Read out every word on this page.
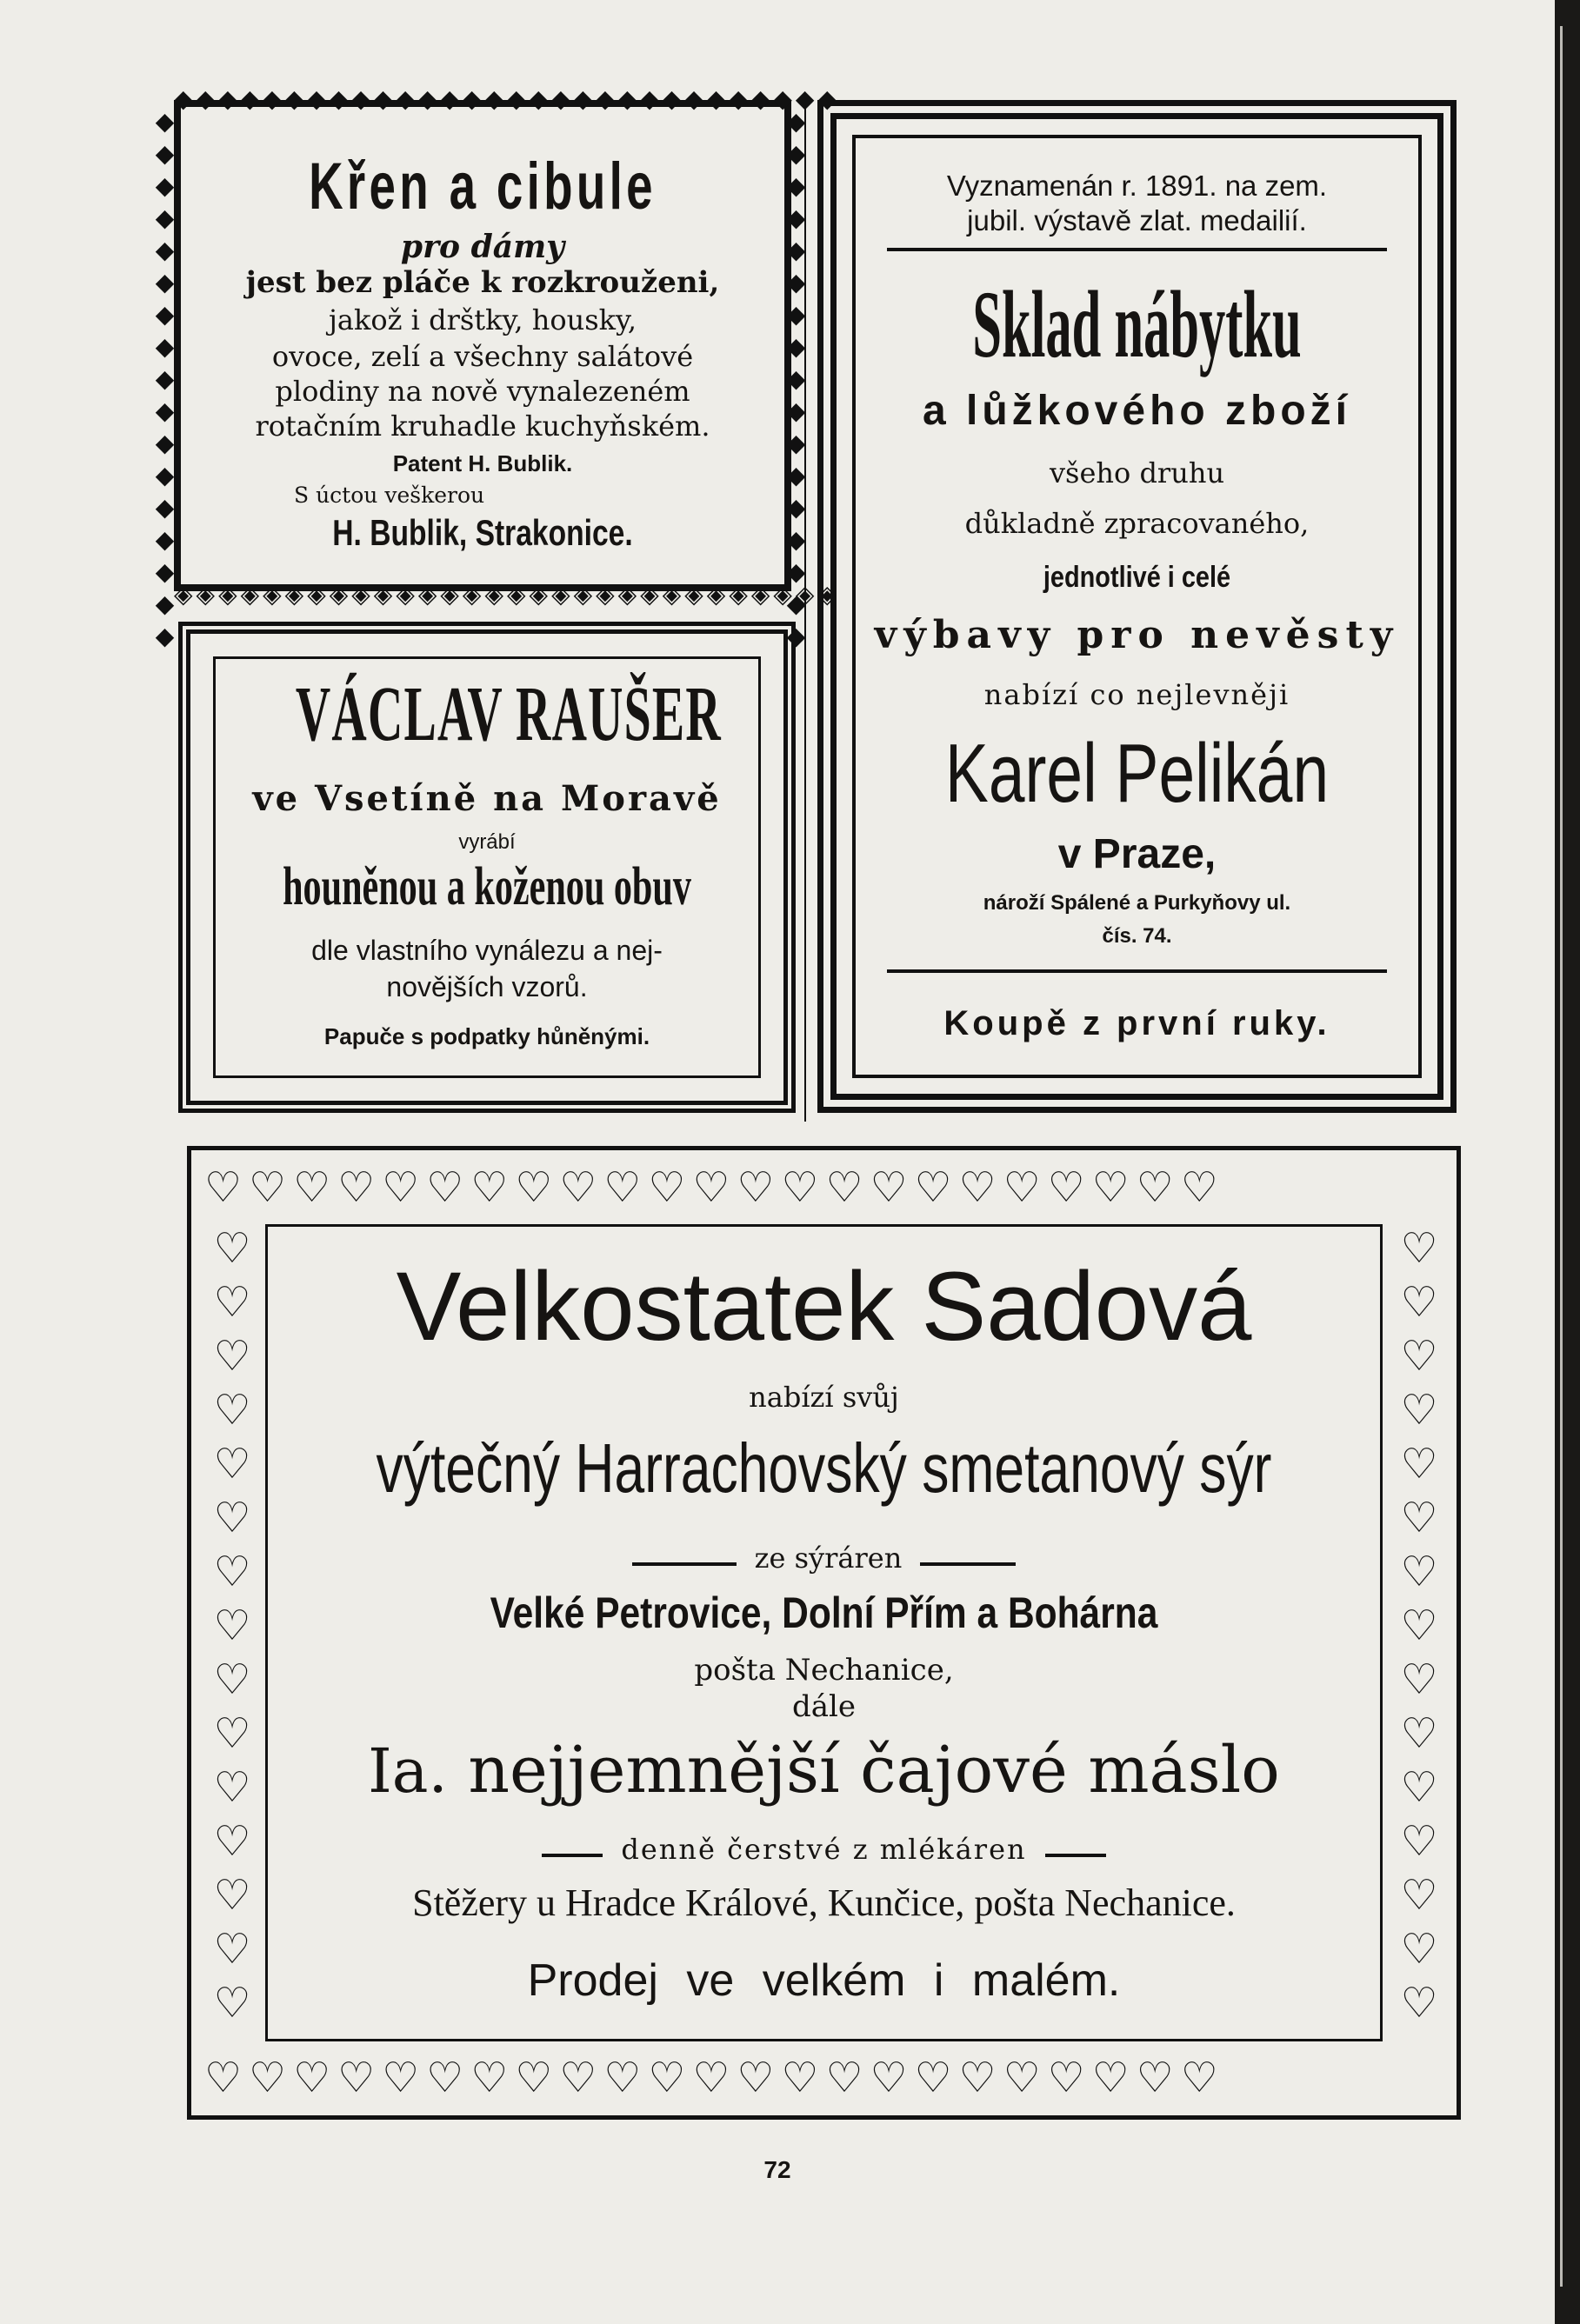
◆◆◆◆◆◆◆◆◆◆◆◆◆◆◆◆◆◆◆◆◆◆◆◆◆◆◆◆◆◆
◈◈◈◈◈◈◈◈◈◈◈◈◈◈◈◈◈◈◈◈◈◈◈◈◈◈◈◈◈◈
◆◆◆◆◆◆◆◆◆◆◆◆◆◆◆◆◆	◆◆◆◆◆◆◆◆◆◆◆◆◆◆◆◆◆
Křen a cibule
pro dámy
jest bez pláče k rozkrouženi,
jakož i drštky, housky,
ovoce, zelí a všechny salátové
plodiny na nově vynalezeném
rotačním kruhadle kuchyňském.
Patent H. Bublik.
S úctou veškerou
H. Bublik, Strakonice.
VÁCLAV RAUŠER
ve Vsetíně na Moravě
vyrábí
houněnou a koženou obuv
dle vlastního vynálezu a nej-
novějších vzorů.
Papuče s podpatky hůněnými.
Vyznamenán r. 1891. na zem.
jubil. výstavě zlat. medailií.
Sklad nábytku
a lůžkového zboží
všeho druhu
důkladně zpracovaného,
jednotlivé i celé
výbavy pro nevěsty
nabízí co nejlevněji
Karel Pelikán
v Praze,
nároží Spálené a Purkyňovy ul.
čís. 74.
Koupě z první ruky.
♡♡♡♡♡♡♡♡♡♡♡♡♡♡♡♡♡♡♡♡♡♡♡
♡♡♡♡♡♡♡♡♡♡♡♡♡♡♡♡♡♡♡♡♡♡♡
♡♡♡♡♡♡♡♡♡♡♡♡♡♡♡	♡♡♡♡♡♡♡♡♡♡♡♡♡♡♡
Velkostatek Sadová
nabízí svůj
výtečný Harrachovský smetanový sýr
ze sýráren
Velké Petrovice, Dolní Přím a Bohárna
pošta Nechanice,
dále
Ia. nejjemnější čajové máslo
denně čerstvé z mlékáren
Stěžery u Hradce Králové, Kunčice, pošta Nechanice.
Prodej ve velkém i malém.
72
